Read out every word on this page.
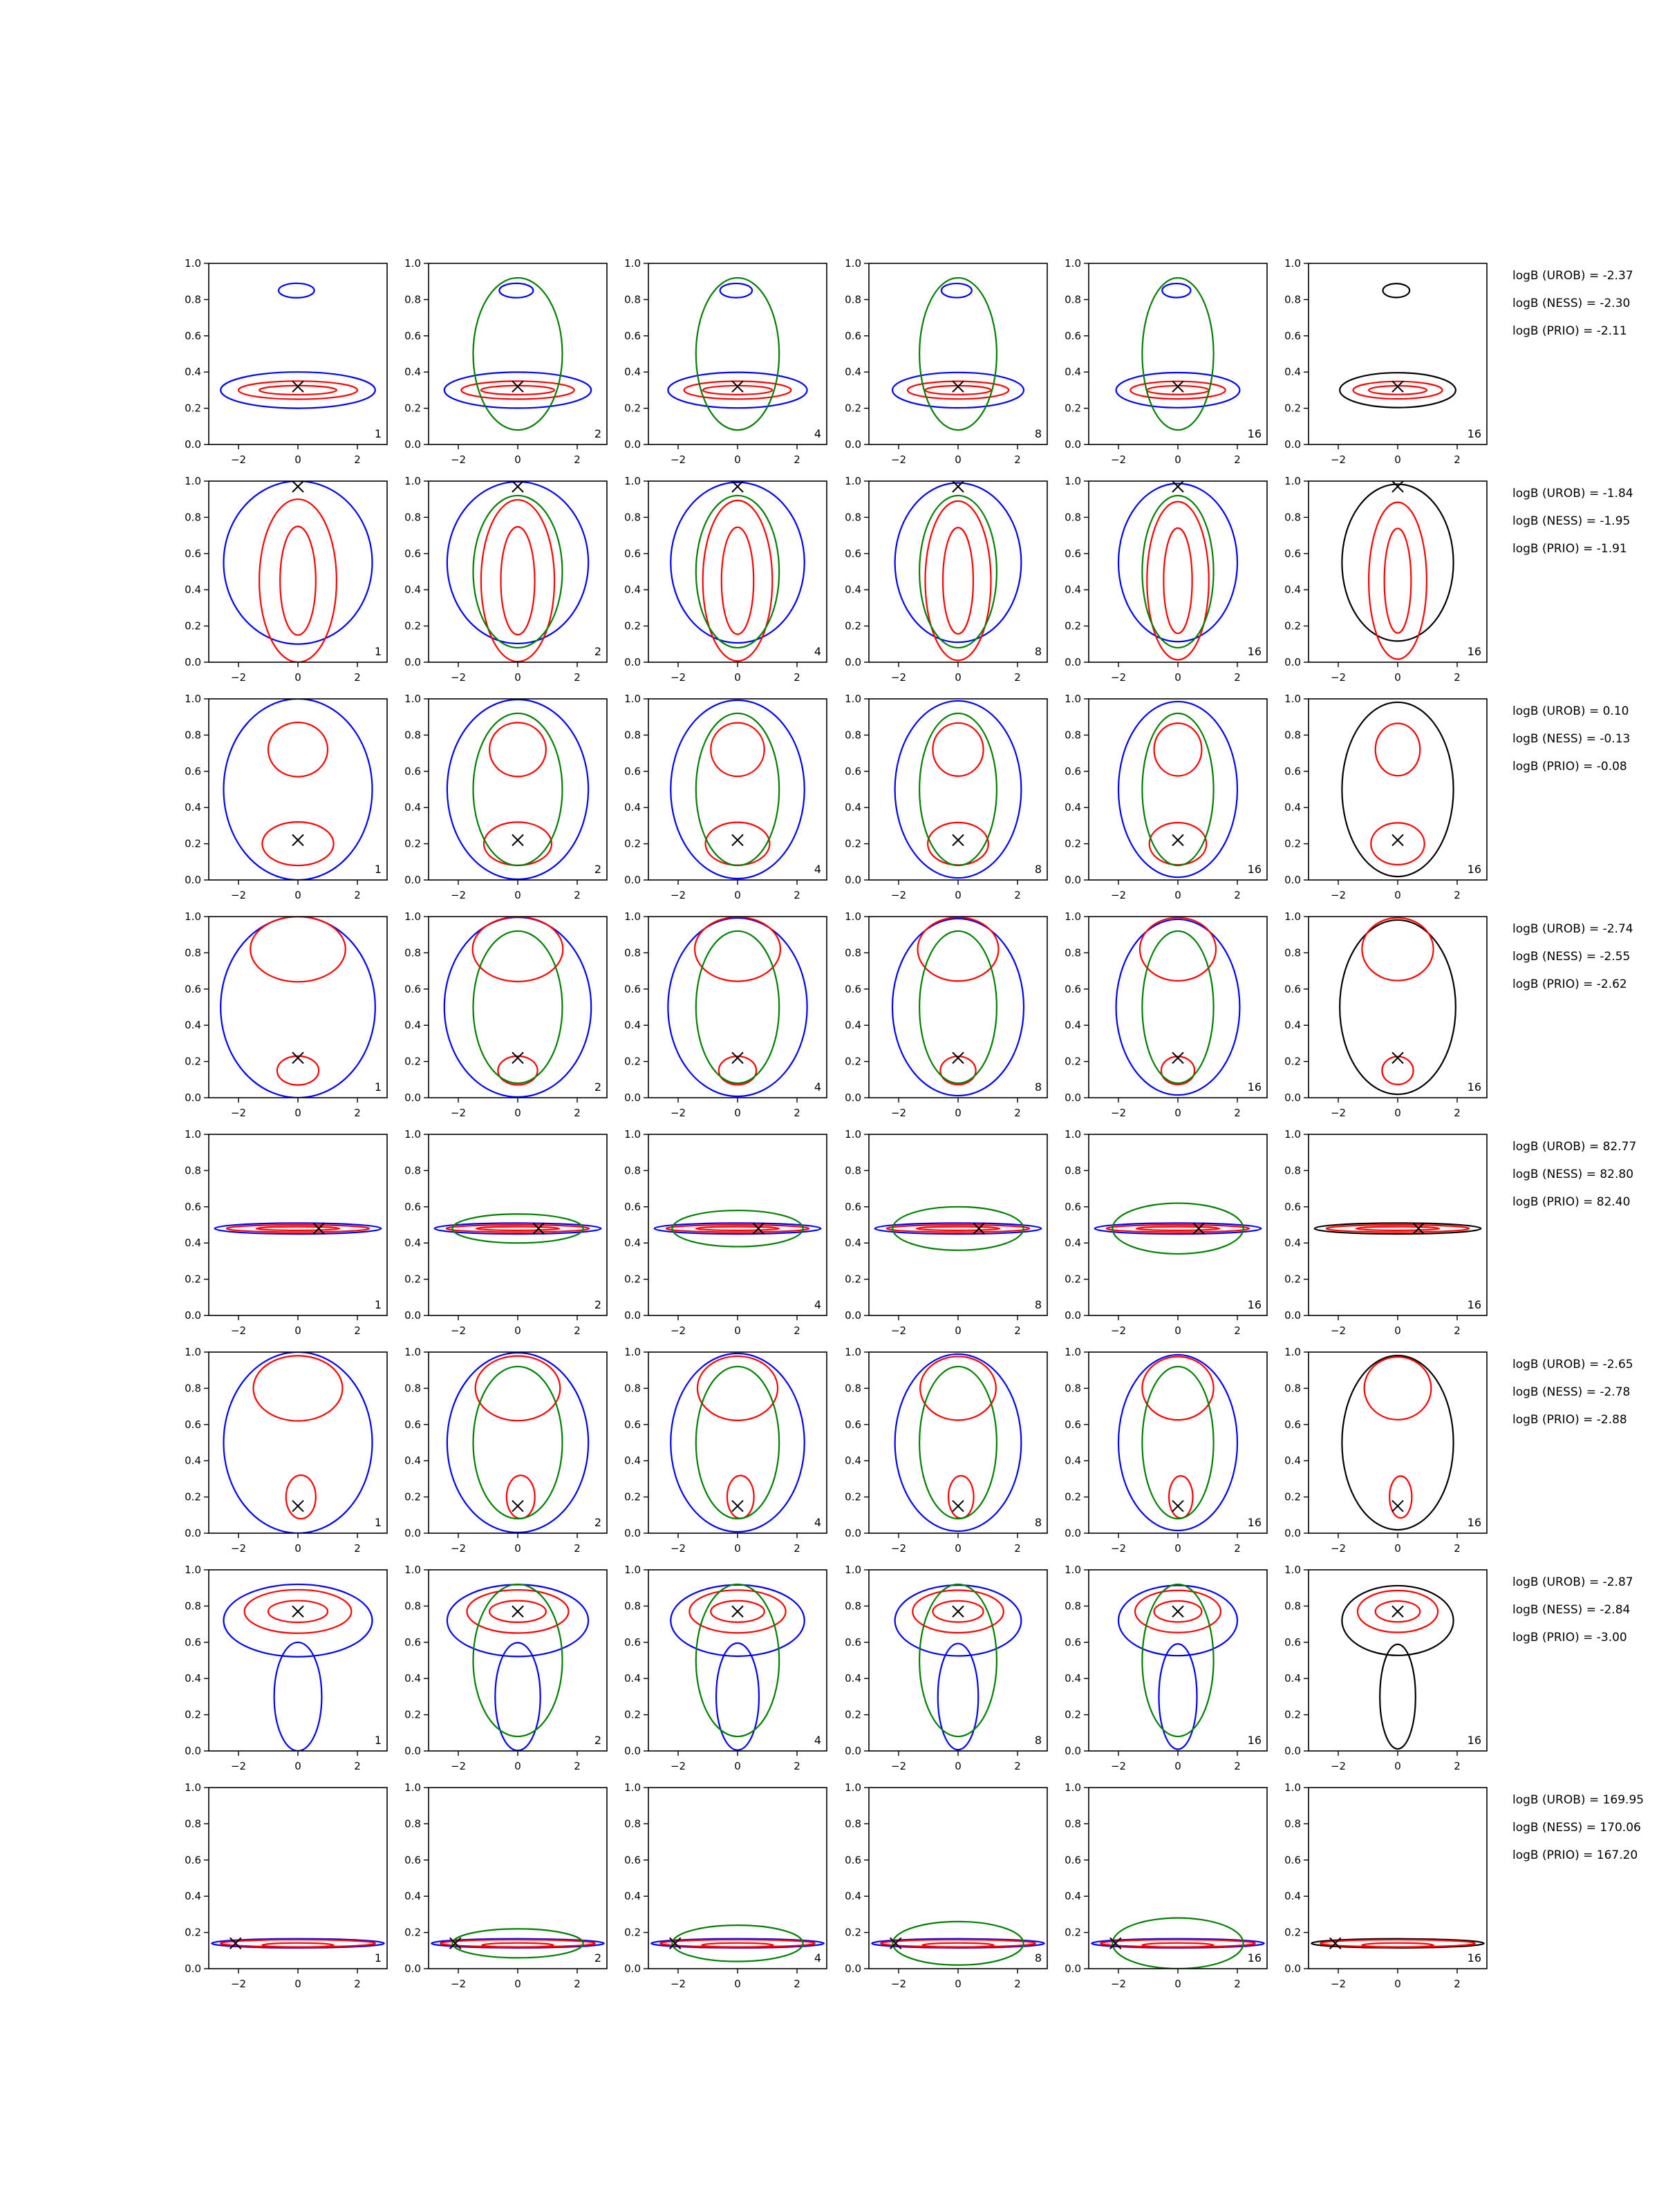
−2	0	2
0.0
0.2
0.4
0.6
0.8
1.0
1
−2	0	2
0.0
0.2
0.4
0.6
0.8
1.0
2
−2	0	2
0.0
0.2
0.4
0.6
0.8
1.0
4
−2	0	2
0.0
0.2
0.4
0.6
0.8
1.0
8
−2	0	2
0.0
0.2
0.4
0.6
0.8
1.0
16
−2	0	2
0.0
0.2
0.4
0.6
0.8
1.0
16
−2	0	2
0.0
0.2
0.4
0.6
0.8
1.0
1
−2	0	2
0.0
0.2
0.4
0.6
0.8
1.0
2
−2	0	2
0.0
0.2
0.4
0.6
0.8
1.0
4
−2	0	2
0.0
0.2
0.4
0.6
0.8
1.0
8
−2	0	2
0.0
0.2
0.4
0.6
0.8
1.0
16
−2	0	2
0.0
0.2
0.4
0.6
0.8
1.0
16
−2	0	2
0.0
0.2
0.4
0.6
0.8
1.0
1
−2	0	2
0.0
0.2
0.4
0.6
0.8
1.0
2
−2	0	2
0.0
0.2
0.4
0.6
0.8
1.0
4
−2	0	2
0.0
0.2
0.4
0.6
0.8
1.0
8
−2	0	2
0.0
0.2
0.4
0.6
0.8
1.0
16
−2	0	2
0.0
0.2
0.4
0.6
0.8
1.0
16
−2	0	2
0.0
0.2
0.4
0.6
0.8
1.0
1
−2	0	2
0.0
0.2
0.4
0.6
0.8
1.0
2
−2	0	2
0.0
0.2
0.4
0.6
0.8
1.0
4
−2	0	2
0.0
0.2
0.4
0.6
0.8
1.0
8
−2	0	2
0.0
0.2
0.4
0.6
0.8
1.0
16
−2	0	2
0.0
0.2
0.4
0.6
0.8
1.0
16
−2	0	2
0.0
0.2
0.4
0.6
0.8
1.0
1
−2	0	2
0.0
0.2
0.4
0.6
0.8
1.0
2
−2	0	2
0.0
0.2
0.4
0.6
0.8
1.0
4
−2	0	2
0.0
0.2
0.4
0.6
0.8
1.0
8
−2	0	2
0.0
0.2
0.4
0.6
0.8
1.0
16
−2	0	2
0.0
0.2
0.4
0.6
0.8
1.0
16
−2	0	2
0.0
0.2
0.4
0.6
0.8
1.0
1
−2	0	2
0.0
0.2
0.4
0.6
0.8
1.0
2
−2	0	2
0.0
0.2
0.4
0.6
0.8
1.0
4
−2	0	2
0.0
0.2
0.4
0.6
0.8
1.0
8
−2	0	2
0.0
0.2
0.4
0.6
0.8
1.0
16
−2	0	2
0.0
0.2
0.4
0.6
0.8
1.0
16
−2	0	2
0.0
0.2
0.4
0.6
0.8
1.0
1
−2	0	2
0.0
0.2
0.4
0.6
0.8
1.0
2
−2	0	2
0.0
0.2
0.4
0.6
0.8
1.0
4
−2	0	2
0.0
0.2
0.4
0.6
0.8
1.0
8
−2	0	2
0.0
0.2
0.4
0.6
0.8
1.0
16
−2	0	2
0.0
0.2
0.4
0.6
0.8
1.0
16
−2	0	2
0.0
0.2
0.4
0.6
0.8
1.0
1
−2	0	2
0.0
0.2
0.4
0.6
0.8
1.0
2
−2	0	2
0.0
0.2
0.4
0.6
0.8
1.0
4
−2	0	2
0.0
0.2
0.4
0.6
0.8
1.0
8
−2	0	2
0.0
0.2
0.4
0.6
0.8
1.0
16
−2	0	2
0.0
0.2
0.4
0.6
0.8
1.0
16
logB (UROB) = -2.37
logB (NESS) = -2.30
logB (PRIO) = -2.11
logB (UROB) = -1.84
logB (NESS) = -1.95
logB (PRIO) = -1.91
logB (UROB) = 0.10
logB (NESS) = -0.13
logB (PRIO) = -0.08
logB (UROB) = -2.74
logB (NESS) = -2.55
logB (PRIO) = -2.62
logB (UROB) = 82.77
logB (NESS) = 82.80
logB (PRIO) = 82.40
logB (UROB) = -2.65
logB (NESS) = -2.78
logB (PRIO) = -2.88
logB (UROB) = -2.87
logB (NESS) = -2.84
logB (PRIO) = -3.00
logB (UROB) = 169.95
logB (NESS) = 170.06
logB (PRIO) = 167.20
